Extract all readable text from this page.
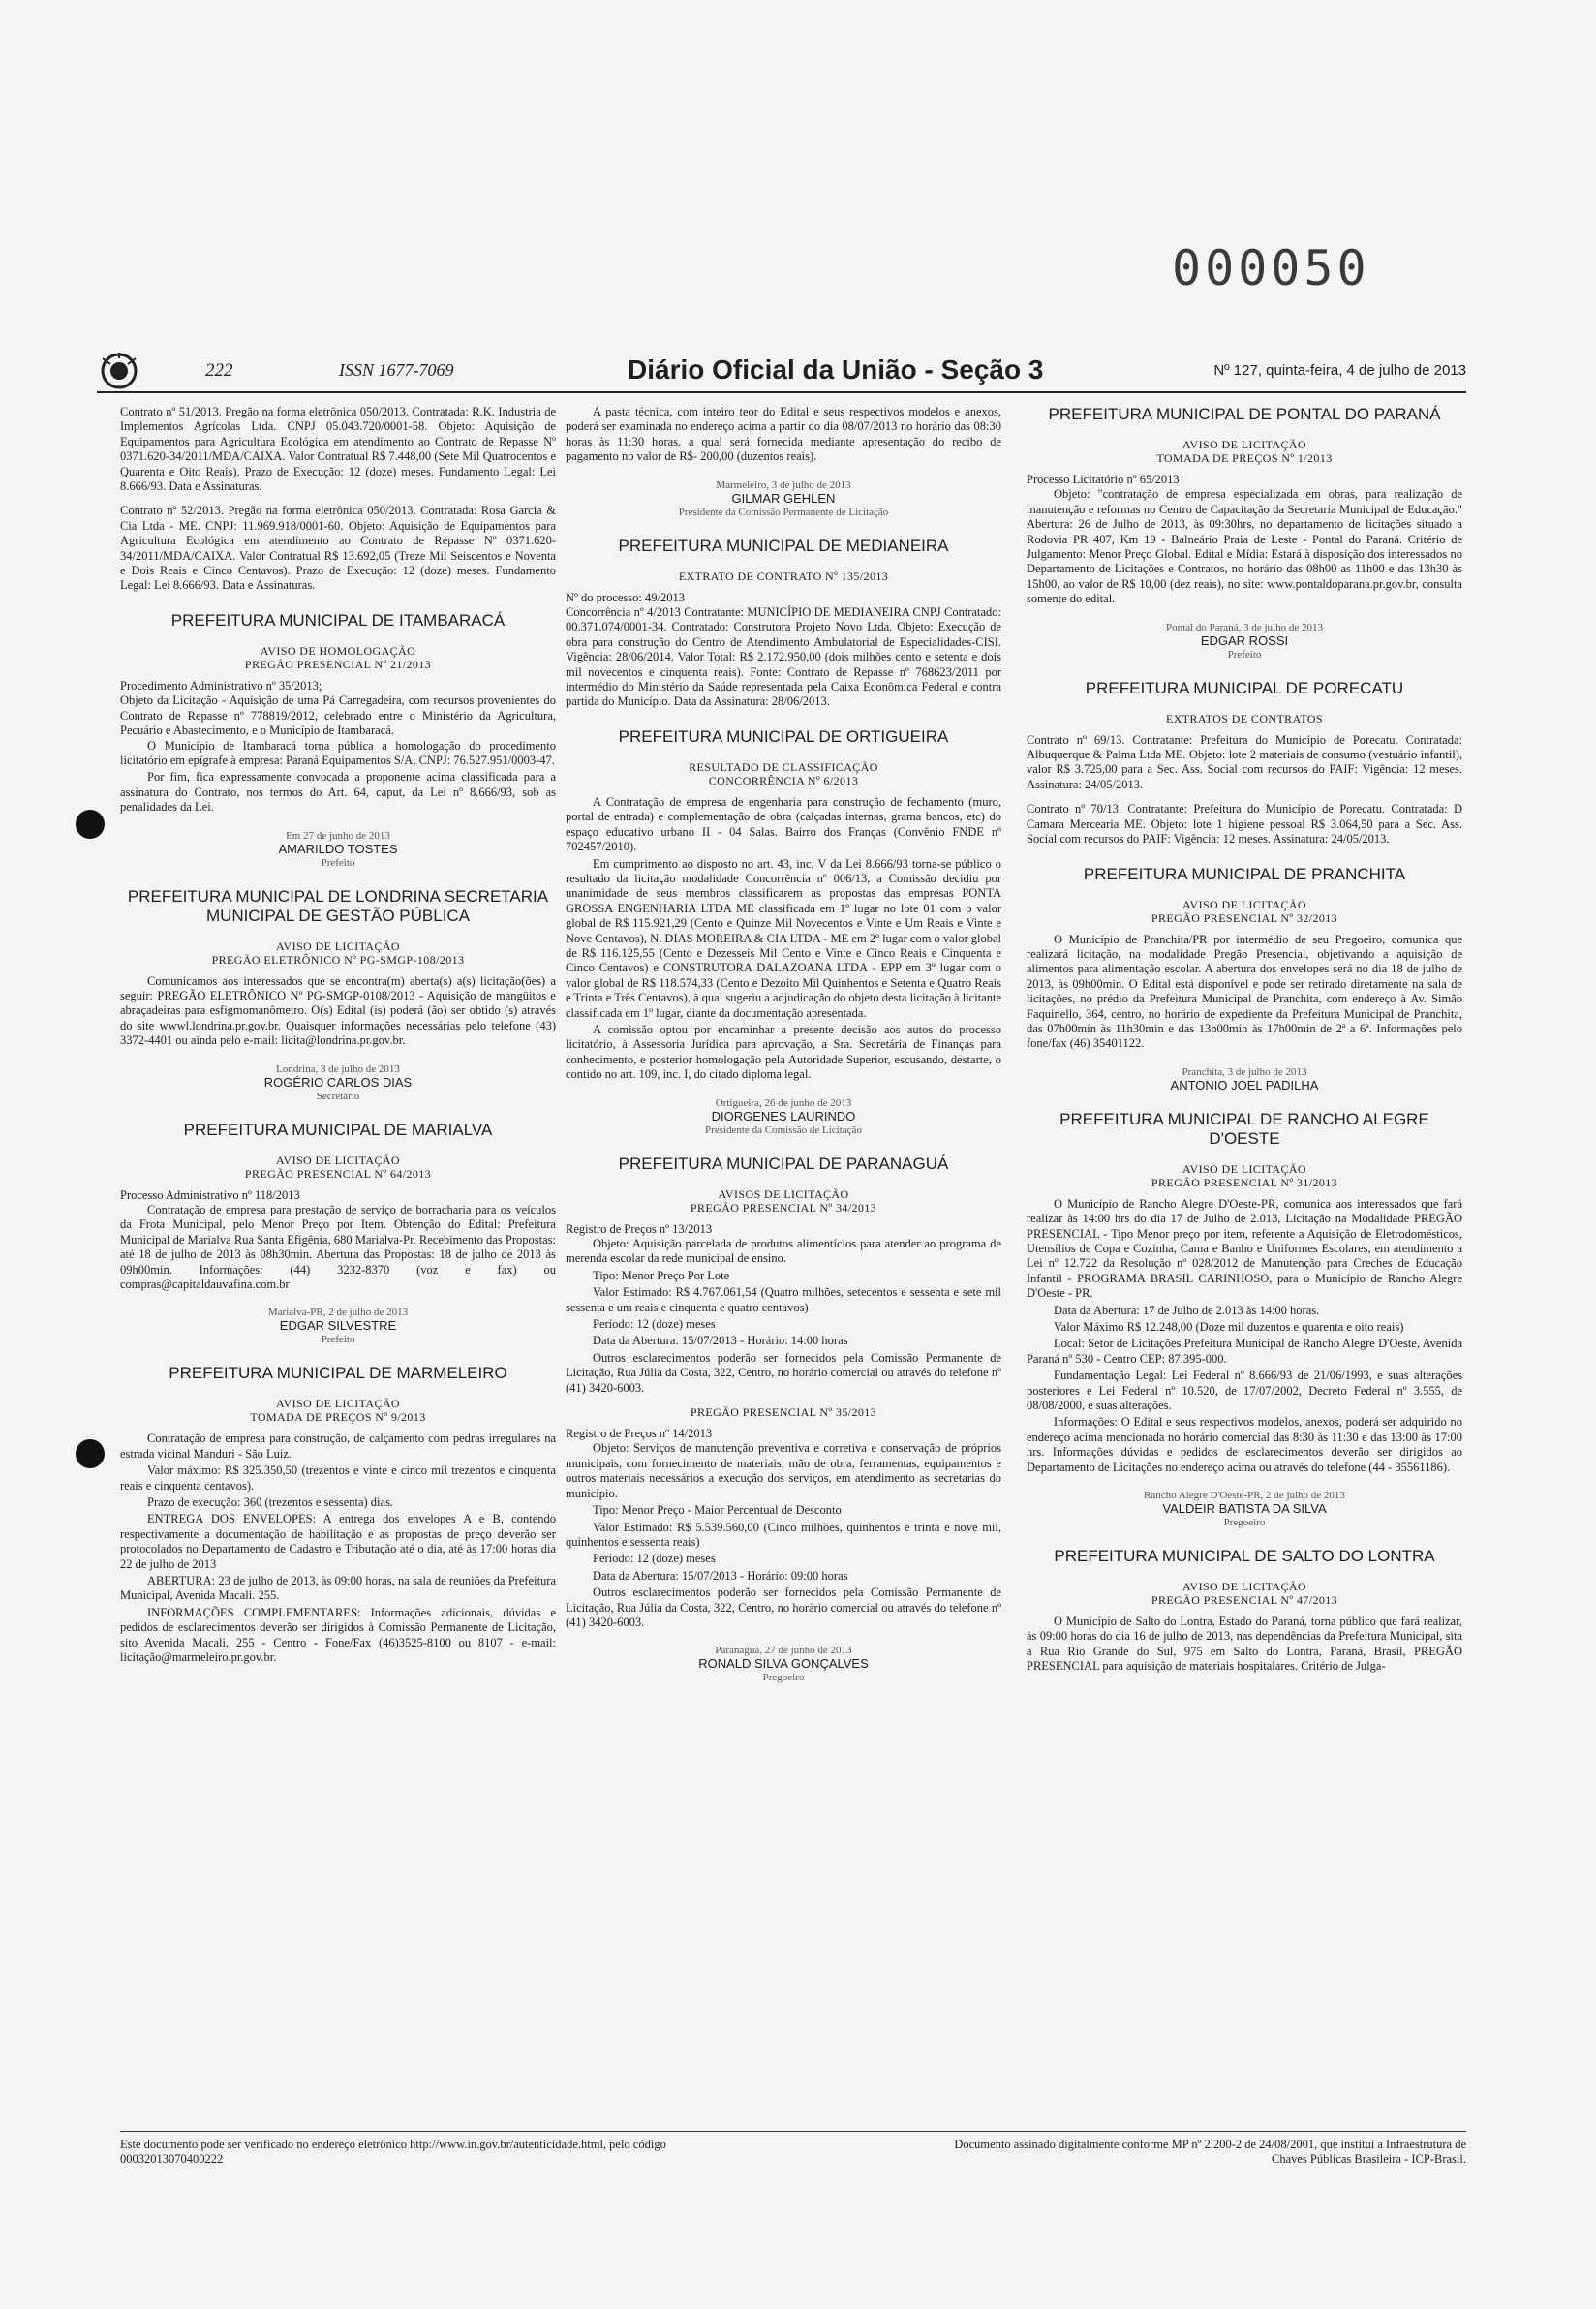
000050
222	ISSN 1677-7069	Diário Oficial da União - Seção 3	Nº 127, quinta-feira, 4 de julho de 2013

Contrato nº 51/2013. Pregão na forma eletrônica 050/2013. Contratada: R.K. Industria de Implementos Agrícolas Ltda. CNPJ 05.043.720/0001-58. Objeto: Aquisição de Equipamentos para Agricultura Ecológica em atendimento ao Contrato de Repasse Nº 0371.620-34/2011/MDA/CAIXA. Valor Contratual R$ 7.448,00 (Sete Mil Quatrocentos e Quarenta e Oito Reais). Prazo de Execução: 12 (doze) meses. Fundamento Legal: Lei 8.666/93. Data e Assinaturas.

Contrato nº 52/2013. Pregão na forma eletrônica 050/2013. Contratada: Rosa Garcia & Cia Ltda - ME. CNPJ: 11.969.918/0001-60. Objeto: Aquisição de Equipamentos para Agricultura Ecológica em atendimento ao Contrato de Repasse Nº 0371.620-34/2011/MDA/CAIXA. Valor Contratual R$ 13.692,05 (Treze Mil Seiscentos e Noventa e Dois Reais e Cinco Centavos). Prazo de Execução: 12 (doze) meses. Fundamento Legal: Lei 8.666/93. Data e Assinaturas.

PREFEITURA MUNICIPAL DE ITAMBARACÁ
AVISO DE HOMOLOGAÇÃO
PREGÃO PRESENCIAL Nº 21/2013

Procedimento Administrativo nº 35/2013;

Objeto da Licitação - Aquisição de uma Pá Carregadeira, com recursos provenientes do Contrato de Repasse nº 778819/2012, celebrado entre o Ministério da Agricultura, Pecuário e Abastecimento, e o Município de Itambaracá.

O Município de Itambaracá torna pública a homologação do procedimento licitatório em epígrafe à empresa: Paraná Equipamentos S/A, CNPJ: 76.527.951/0003-47.

Por fim, fica expressamente convocada a proponente acima classificada para a assinatura do Contrato, nos termos do Art. 64, caput, da Lei nº 8.666/93, sob as penalidades da Lei.

Em 27 de junho de 2013
AMARILDO TOSTES
Prefeito
PREFEITURA MUNICIPAL DE LONDRINA SECRETARIA MUNICIPAL DE GESTÃO PÚBLICA
AVISO DE LICITAÇÃO
PREGÃO ELETRÔNICO Nº PG-SMGP-108/2013

Comunicamos aos interessados que se encontra(m) aberta(s) a(s) licitação(ões) a seguir: PREGÃO ELETRÔNICO Nº PG-SMGP-0108/2013 - Aquisição de mangüitos e abraçadeiras para esfigmomanômetro. O(s) Edital (is) poderá (ão) ser obtido (s) através do site wwwl.londrina.pr.gov.br. Quaisquer informações necessárias pelo telefone (43) 3372-4401 ou ainda pelo e-mail: licita@londrina.pr.gov.br.

Londrina, 3 de julho de 2013
ROGÉRIO CARLOS DIAS
Secretário
PREFEITURA MUNICIPAL DE MARIALVA
AVISO DE LICITAÇÃO
PREGÃO PRESENCIAL Nº 64/2013

Processo Administrativo nº 118/2013

Contratação de empresa para prestação de serviço de borracharia para os veículos da Frota Municipal, pelo Menor Preço por Item. Obtenção do Edital: Prefeitura Municipal de Marialva Rua Santa Efigênia, 680 Marialva-Pr. Recebimento das Propostas: até 18 de julho de 2013 às 08h30min. Abertura das Propostas: 18 de julho de 2013 às 09h00min. Informações: (44) 3232-8370 (voz e fax) ou compras@capitaldauvafina.com.br

Marialva-PR, 2 de julho de 2013
EDGAR SILVESTRE
Prefeito
PREFEITURA MUNICIPAL DE MARMELEIRO
AVISO DE LICITAÇÃO
TOMADA DE PREÇOS Nº 9/2013

Contratação de empresa para construção, de calçamento com pedras irregulares na estrada vicinal Manduri - São Luiz.

Valor máximo: R$ 325.350,50 (trezentos e vinte e cinco mil trezentos e cinquenta reais e cinquenta centavos).

Prazo de execução: 360 (trezentos e sessenta) dias.

ENTREGA DOS ENVELOPES: A entrega dos envelopes A e B, contendo respectivamente a documentação de habilitação e as propostas de preço deverão ser protocolados no Departamento de Cadastro e Tributação até o dia, até às 17:00 horas dia 22 de julho de 2013

ABERTURA: 23 de julho de 2013, às 09:00 horas, na sala de reuniões da Prefeitura Municipal, Avenida Macali. 255.

INFORMAÇÕES COMPLEMENTARES: Informações adicionais, dúvidas e pedidos de esclarecimentos deverão ser dirigidos à Comissão Permanente de Licitação, sito Avenida Macali, 255 - Centro - Fone/Fax (46)3525-8100 ou 8107 - e-mail: licitação@marmeleiro.pr.gov.br.

A pasta técnica, com inteiro teor do Edital e seus respectivos modelos e anexos, poderá ser examinada no endereço acima a partir do dia 08/07/2013 no horário das 08:30 horas às 11:30 horas, a qual será fornecida mediante apresentação do recibo de pagamento no valor de R$- 200,00 (duzentos reais).

Marmeleiro, 3 de julho de 2013
GILMAR GEHLEN
Presidente da Comissão Permanente de Licitação
PREFEITURA MUNICIPAL DE MEDIANEIRA
EXTRATO DE CONTRATO Nº 135/2013

Nº do processo: 49/2013

Concorrência nº 4/2013 Contratante: MUNICÍPIO DE MEDIANEIRA CNPJ Contratado: 00.371.074/0001-34. Contratado: Construtora Projeto Novo Ltda. Objeto: Execução de obra para construção do Centro de Atendimento Ambulatorial de Especialidades-CISI. Vigência: 28/06/2014. Valor Total: R$ 2.172.950,00 (dois milhões cento e setenta e dois mil novecentos e cinquenta reais). Fonte: Contrato de Repasse nº 768623/2011 por intermédio do Ministério da Saúde representada pela Caixa Econômica Federal e contra partida do Município. Data da Assinatura: 28/06/2013.

PREFEITURA MUNICIPAL DE ORTIGUEIRA
RESULTADO DE CLASSIFICAÇÃO
CONCORRÊNCIA Nº 6/2013

A Contratação de empresa de engenharia para construção de fechamento (muro, portal de entrada) e complementação de obra (calçadas internas, grama bancos, etc) do espaço educativo urbano II - 04 Salas. Bairro dos Franças (Convênio FNDE nº 702457/2010).

Em cumprimento ao disposto no art. 43, inc. V da Lei 8.666/93 torna-se público o resultado da licitação modalidade Concorrência nº 006/13, a Comissão decidiu por unanimidade de seus membros classificarem as propostas das empresas PONTA GROSSA ENGENHARIA LTDA ME classificada em 1º lugar no lote 01 com o valor global de R$ 115.921,29 (Cento e Quinze Mil Novecentos e Vinte e Um Reais e Vinte e Nove Centavos), N. DIAS MOREIRA & CIA LTDA - ME em 2º lugar com o valor global de R$ 116.125,55 (Cento e Dezesseis Mil Cento e Vinte e Cinco Reais e Cinquenta e Cinco Centavos) e CONSTRUTORA DALAZOANA LTDA - EPP em 3º lugar com o valor global de R$ 118.574,33 (Cento e Dezoito Mil Quinhentos e Setenta e Quatro Reais e Trinta e Três Centavos), à qual sugeriu a adjudicação do objeto desta licitação à licitante classificada em 1º lugar, diante da documentação apresentada.

A comissão optou por encaminhar a presente decisão aos autos do processo licitatório, à Assessoria Jurídica para aprovação, a Sra. Secretária de Finanças para conhecimento, e posterior homologação pela Autoridade Superior, escusando, destarte, o contido no art. 109, inc. I, do citado diploma legal.

Ortigueira, 26 de junho de 2013
DIORGENES LAURINDO
Presidente da Comissão de Licitação
PREFEITURA MUNICIPAL DE PARANAGUÁ
AVISOS DE LICITAÇÃO
PREGÃO PRESENCIAL Nº 34/2013

Registro de Preços nº 13/2013

Objeto: Aquisição parcelada de produtos alimentícios para atender ao programa de merenda escolar da rede municipal de ensino.

Tipo: Menor Preço Por Lote

Valor Estimado: R$ 4.767.061,54 (Quatro milhões, setecentos e sessenta e sete mil sessenta e um reais e cinquenta e quatro centavos)

Período: 12 (doze) meses

Data da Abertura: 15/07/2013 - Horário: 14:00 horas

Outros esclarecimentos poderão ser fornecidos pela Comissão Permanente de Licitação, Rua Júlia da Costa, 322, Centro, no horário comercial ou através do telefone nº (41) 3420-6003.

PREGÃO PRESENCIAL Nº 35/2013

Registro de Preços nº 14/2013

Objeto: Serviços de manutenção preventiva e corretiva e conservação de próprios municipais, com fornecimento de materiais, mão de obra, ferramentas, equipamentos e outros materiais necessários a execução dos serviços, em atendimento as secretarias do município.

Tipo: Menor Preço - Maior Percentual de Desconto

Valor Estimado: R$ 5.539.560,00 (Cinco milhões, quinhentos e trinta e nove mil, quinhentos e sessenta reais)

Período: 12 (doze) meses

Data da Abertura: 15/07/2013 - Horário: 09:00 horas

Outros esclarecimentos poderão ser fornecidos pela Comissão Permanente de Licitação, Rua Júlia da Costa, 322, Centro, no horário comercial ou através do telefone nº (41) 3420-6003.

Paranaguá, 27 de junho de 2013
RONALD SILVA GONÇALVES
Pregoeiro
PREFEITURA MUNICIPAL DE PONTAL DO PARANÁ
AVISO DE LICITAÇÃO
TOMADA DE PREÇOS Nº 1/2013

Processo Licitatório nº 65/2013

Objeto: "contratação de empresa especializada em obras, para realização de manutenção e reformas no Centro de Capacitação da Secretaria Municipal de Educação." Abertura: 26 de Julho de 2013, às 09:30hrs, no departamento de licitações situado a Rodovia PR 407, Km 19 - Balneário Praia de Leste - Pontal do Paraná. Critério de Julgamento: Menor Preço Global. Edital e Mídia: Estará à disposição dos interessados no Departamento de Licitações e Contratos, no horário das 08h00 as 11h00 e das 13h30 às 15h00, ao valor de R$ 10,00 (dez reais), no site: www.pontaldoparana.pr.gov.br, consulta somente do edital.

Pontal do Paraná, 3 de julho de 2013
EDGAR ROSSI
Prefeito
PREFEITURA MUNICIPAL DE PORECATU
EXTRATOS DE CONTRATOS

Contrato nº 69/13. Contratante: Prefeitura do Município de Porecatu. Contratada: Albuquerque & Palma Ltda ME. Objeto: lote 2 materiais de consumo (vestuário infantil), valor R$ 3.725,00 para a Sec. Ass. Social com recursos do PAIF: Vigência: 12 meses. Assinatura: 24/05/2013.

Contrato nº 70/13. Contratante: Prefeitura do Município de Porecatu. Contratada: D Camara Mercearia ME. Objeto: lote 1 higiene pessoal R$ 3.064,50 para a Sec. Ass. Social com recursos do PAIF: Vigência: 12 meses. Assinatura: 24/05/2013.

PREFEITURA MUNICIPAL DE PRANCHITA
AVISO DE LICITAÇÃO
PREGÃO PRESENCIAL Nº 32/2013

O Município de Pranchita/PR por intermédio de seu Pregoeiro, comunica que realizará licitação, na modalidade Pregão Presencial, objetivando a aquisição de alimentos para alimentação escolar. A abertura dos envelopes será no dia 18 de julho de 2013, às 09h00min. O Edital está disponível e pode ser retirado diretamente na sala de licitações, no prédio da Prefeitura Municipal de Pranchita, com endereço à Av. Simão Faquinello, 364, centro, no horário de expediente da Prefeitura Municipal de Pranchita, das 07h00min às 11h30min e das 13h00min às 17h00min de 2ª a 6ª. Informações pelo fone/fax (46) 35401122.

Pranchita, 3 de julho de 2013
ANTONIO JOEL PADILHA
PREFEITURA MUNICIPAL DE RANCHO ALEGRE D'OESTE
AVISO DE LICITAÇÃO
PREGÃO PRESENCIAL Nº 31/2013

O Município de Rancho Alegre D'Oeste-PR, comunica aos interessados que fará realizar às 14:00 hrs do dia 17 de Julho de 2.013, Licitação na Modalidade PREGÃO PRESENCIAL - Tipo Menor preço por item, referente a Aquisição de Eletrodomésticos, Utensílios de Copa e Cozinha, Cama e Banho e Uniformes Escolares, em atendimento a Lei nº 12.722 da Resolução nº 028/2012 de Manutenção para Creches de Educação Infantil - PROGRAMA BRASIL CARINHOSO, para o Município de Rancho Alegre D'Oeste - PR.

Data da Abertura: 17 de Julho de 2.013 às 14:00 horas.

Valor Máximo R$ 12.248,00 (Doze mil duzentos e quarenta e oito reais)

Local: Setor de Licitações Prefeitura Municipal de Rancho Alegre D'Oeste, Avenida Paraná nº 530 - Centro CEP: 87.395-000.

Fundamentação Legal: Lei Federal nº 8.666/93 de 21/06/1993, e suas alterações posteriores e Lei Federal nº 10.520, de 17/07/2002, Decreto Federal nº 3.555, de 08/08/2000, e suas alterações.

Informações: O Edital e seus respectivos modelos, anexos, poderá ser adquirido no endereço acima mencionada no horário comercial das 8:30 às 11:30 e das 13:00 às 17:00 hrs. Informações dúvidas e pedidos de esclarecimentos deverão ser dirigidos ao Departamento de Licitações no endereço acima ou através do telefone (44 - 35561186).

Rancho Alegre D'Oeste-PR, 2 de julho de 2013
VALDEIR BATISTA DA SILVA
Pregoeiro
PREFEITURA MUNICIPAL DE SALTO DO LONTRA
AVISO DE LICITAÇÃO
PREGÃO PRESENCIAL Nº 47/2013

O Município de Salto do Lontra, Estado do Paraná, torna público que fará realizar, às 09:00 horas do dia 16 de julho de 2013, nas dependências da Prefeitura Municipal, sita a Rua Rio Grande do Sul, 975 em Salto do Lontra, Paraná, Brasil, PREGÃO PRESENCIAL para aquisição de materiais hospitalares. Critério de Julga-

Este documento pode ser verificado no endereço eletrônico http://www.in.gov.br/autenticidade.html, pelo código 00032013070400222
Documento assinado digitalmente conforme MP nº 2.200-2 de 24/08/2001, que institui a Infraestrutura de Chaves Públicas Brasileira - ICP-Brasil.
